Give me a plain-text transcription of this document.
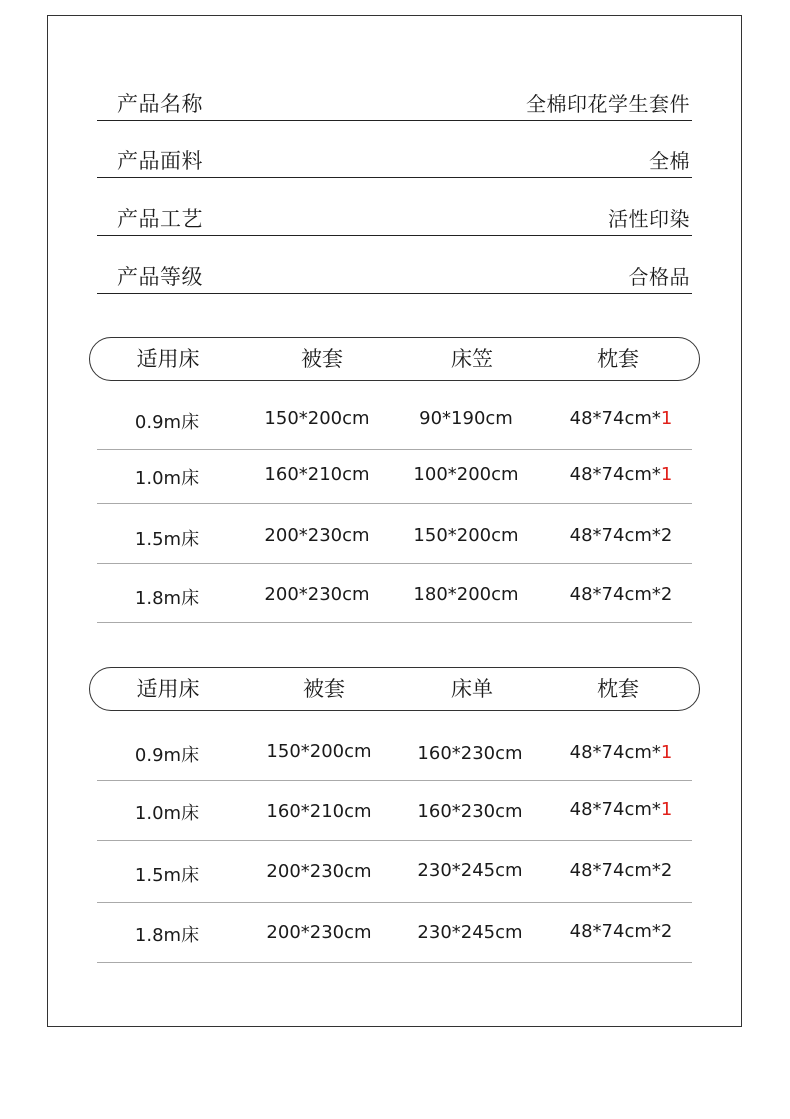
产品名称	全棉印花学生套件
产品面料	全棉
产品工艺	活性印染
产品等级	合格品
适用床	被套	床笠	枕套
0.9m床	150*200cm	90*190cm	48*74cm*1
1.0m床	160*210cm	100*200cm	48*74cm*1
1.5m床	200*230cm	150*200cm	48*74cm*2
1.8m床	200*230cm	180*200cm	48*74cm*2
适用床	被套	床单	枕套
0.9m床	150*200cm	160*230cm	48*74cm*1
1.0m床	160*210cm	160*230cm	48*74cm*1
1.5m床	200*230cm	230*245cm	48*74cm*2
1.8m床	200*230cm	230*245cm	48*74cm*2
